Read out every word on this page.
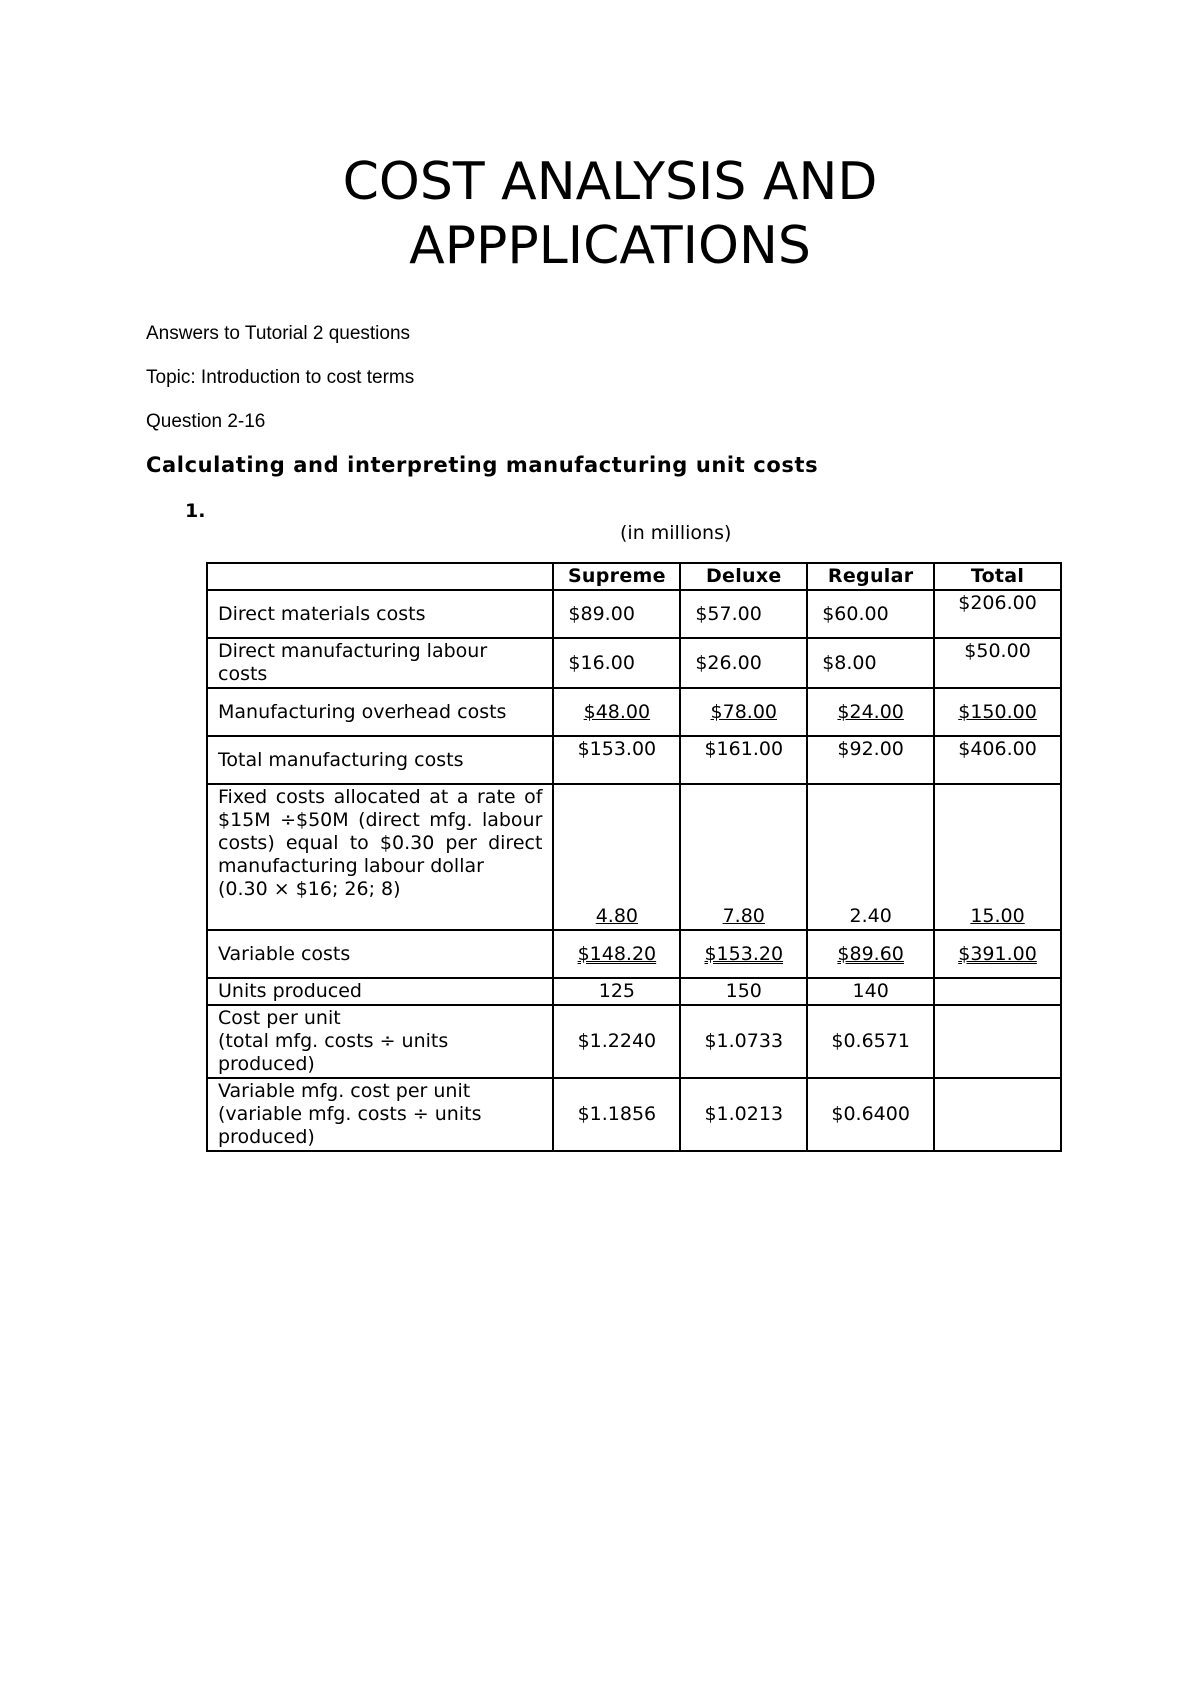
COST ANALYSIS AND
APPPLICATIONS

Answers to Tutorial 2 questions

Topic: Introduction to cost terms

Question 2-16

Calculating and interpreting manufacturing unit costs

1.

(in millions)

	Supreme	Deluxe	Regular	Total
Direct materials costs	$89.00	$57.00	$60.00	$206.00
Direct manufacturing labour costs	$16.00	$26.00	$8.00	$50.00
Manufacturing overhead costs	$48.00	$78.00	$24.00	$150.00
Total manufacturing costs	$153.00	$161.00	$92.00	$406.00
Fixed costs allocated at a rate of $15M ÷$50M (direct mfg. labour costs) equal to $0.30 per direct manufacturing labour dollar
(0.30 × $16; 26; 8)	4.80	7.80	2.40	15.00
Variable costs	$148.20	$153.20	$89.60	$391.00
Units produced	125	150	140	
Cost per unit
(total mfg. costs ÷ units produced)	$1.2240	$1.0733	$0.6571	
Variable mfg. cost per unit
(variable mfg. costs ÷ units produced)	$1.1856	$1.0213	$0.6400	
